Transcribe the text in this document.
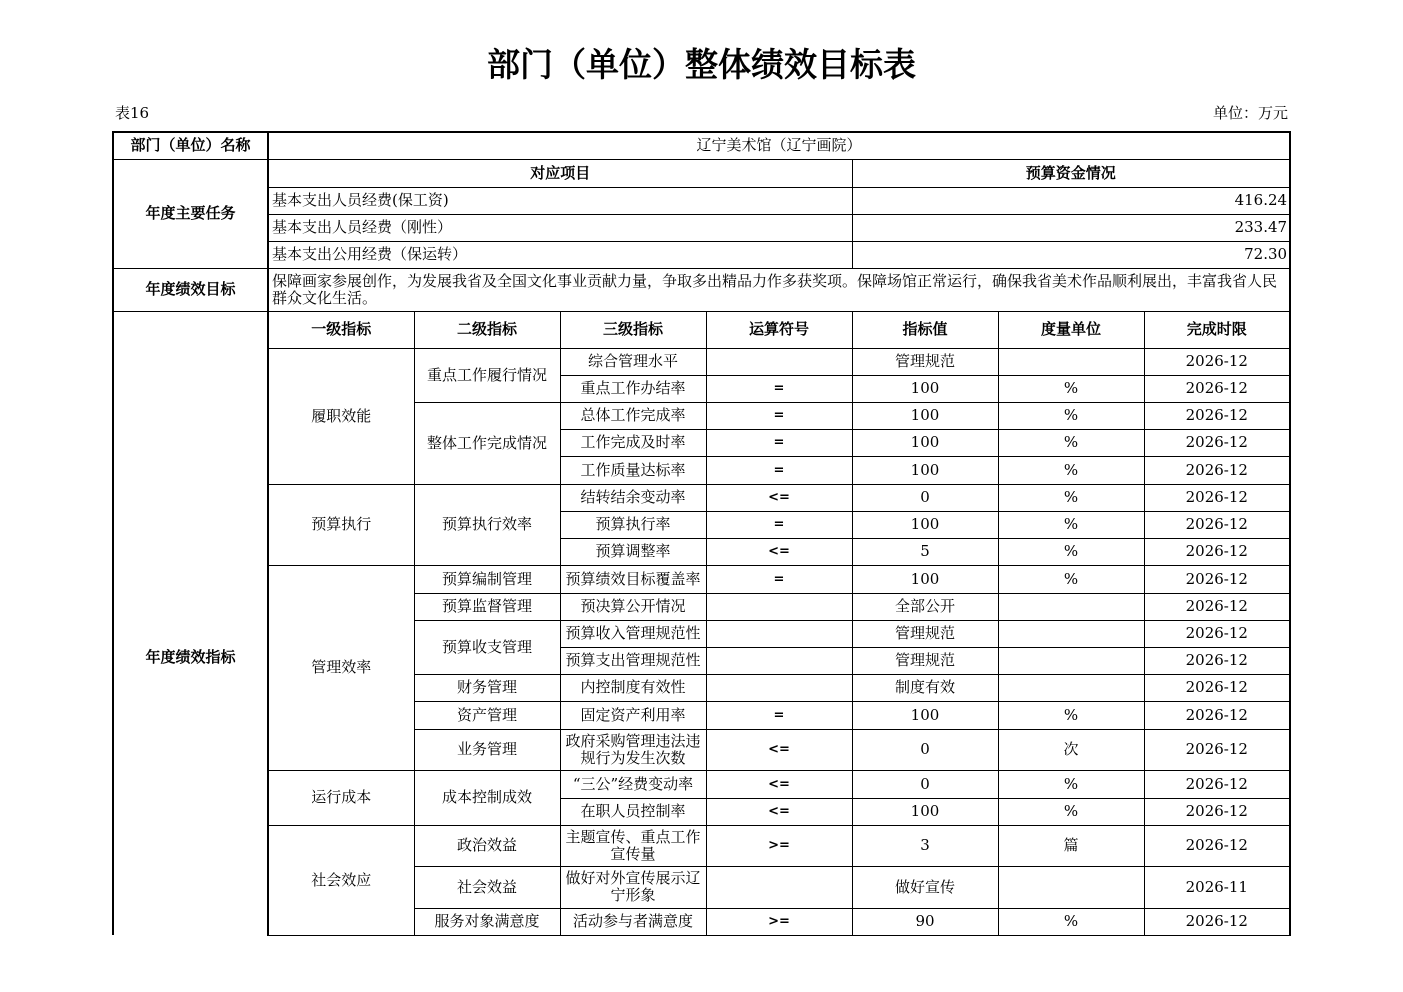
部门（单位）整体绩效目标表
表16	单位：万元
部门（单位）名称	辽宁美术馆（辽宁画院）						
年度主要任务	对应项目				预算资金情况		
	基本支出人员经费(保工资)				416.24		
	基本支出人员经费（刚性）				233.47		
	基本支出公用经费（保运转）				72.30		
年度绩效目标	保障画家参展创作，为发展我省及全国文化事业贡献力量，争取多出精品力作多获奖项。保障场馆正常运行，确保我省美术作品顺利展出，丰富我省人民群众文化生活。						
年度绩效指标	一级指标	二级指标	三级指标	运算符号	指标值	度量单位	完成时限
	履职效能	重点工作履行情况	综合管理水平		管理规范		2026-12
			重点工作办结率	=	100	%	2026-12
		整体工作完成情况	总体工作完成率	=	100	%	2026-12
			工作完成及时率	=	100	%	2026-12
			工作质量达标率	=	100	%	2026-12
	预算执行	预算执行效率	结转结余变动率	<=	0	%	2026-12
			预算执行率	=	100	%	2026-12
			预算调整率	<=	5	%	2026-12
	管理效率	预算编制管理	预算绩效目标覆盖率	=	100	%	2026-12
		预算监督管理	预决算公开情况		全部公开		2026-12
		预算收支管理	预算收入管理规范性		管理规范		2026-12
			预算支出管理规范性		管理规范		2026-12
		财务管理	内控制度有效性		制度有效		2026-12
		资产管理	固定资产利用率	=	100	%	2026-12
		业务管理	政府采购管理违法违规行为发生次数	<=	0	次	2026-12
	运行成本	成本控制成效	“三公”经费变动率	<=	0	%	2026-12
			在职人员控制率	<=	100	%	2026-12
	社会效应	政治效益	主题宣传、重点工作宣传量	>=	3	篇	2026-12
		社会效益	做好对外宣传展示辽宁形象		做好宣传		2026-11
		服务对象满意度	活动参与者满意度	>=	90	%	2026-12
